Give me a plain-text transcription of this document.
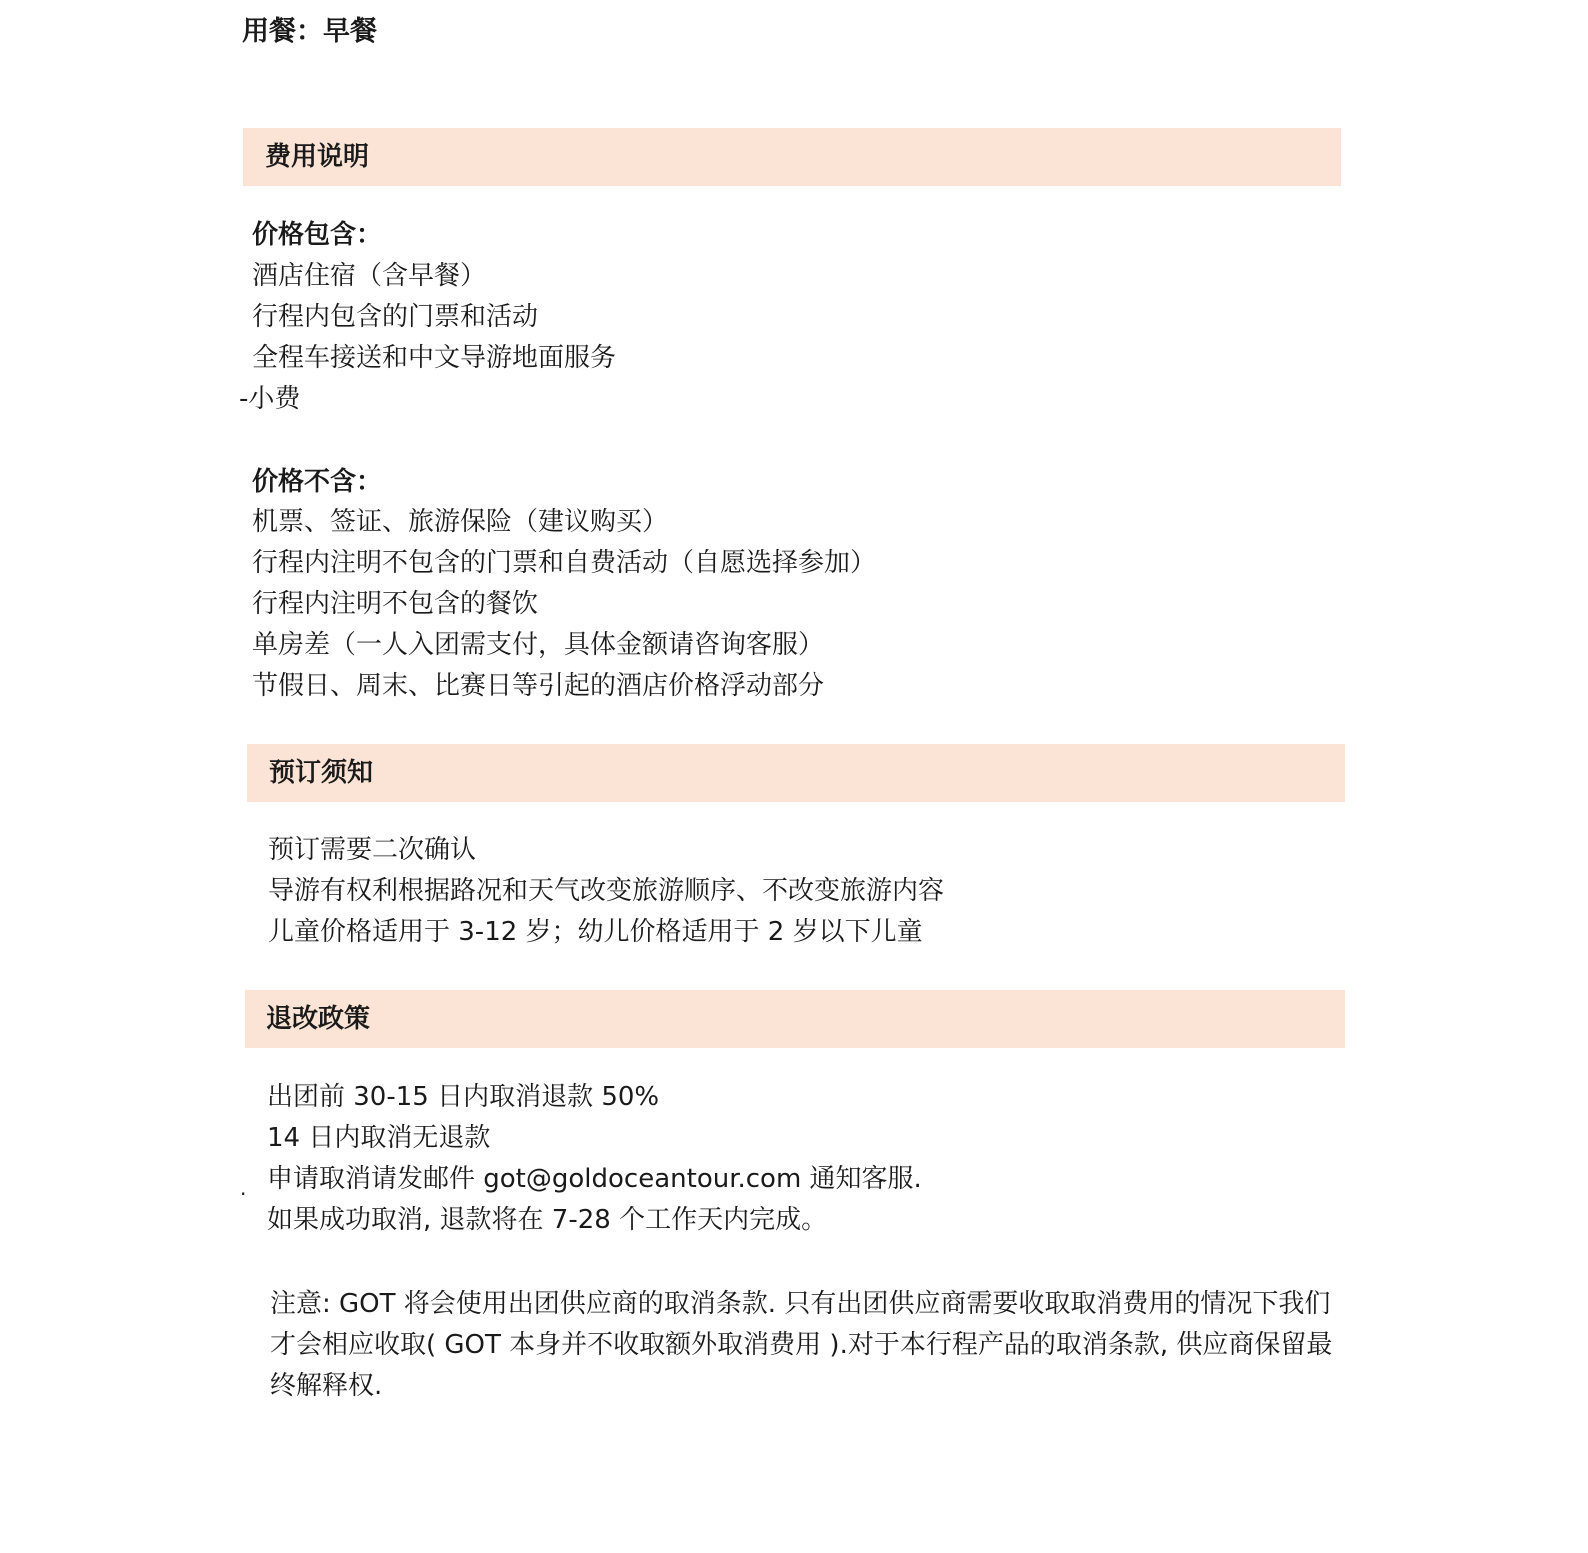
用餐：早餐
费用说明
价格包含：
酒店住宿（含早餐）
行程内包含的门票和活动
全程车接送和中文导游地面服务
-小费
价格不含：
机票、签证、旅游保险（建议购买）
行程内注明不包含的门票和自费活动（自愿选择参加）
行程内注明不包含的餐饮
单房差（一人入团需支付，具体金额请咨询客服）
节假日、周末、比赛日等引起的酒店价格浮动部分
预订须知
预订需要二次确认
导游有权利根据路况和天气改变旅游顺序、不改变旅游内容
儿童价格适用于 3-12 岁；幼儿价格适用于 2 岁以下儿童
退改政策
出团前 30-15 日内取消退款 50%
14 日内取消无退款
申请取消请发邮件 got@goldoceantour.com 通知客服.
如果成功取消, 退款将在 7-28 个工作天内完成。
·
注意: GOT 将会使用出团供应商的取消条款. 只有出团供应商需要收取取消费用的情况下我们才会相应收取( GOT 本身并不收取额外取消费用 ).对于本行程产品的取消条款, 供应商保留最终解释权.
